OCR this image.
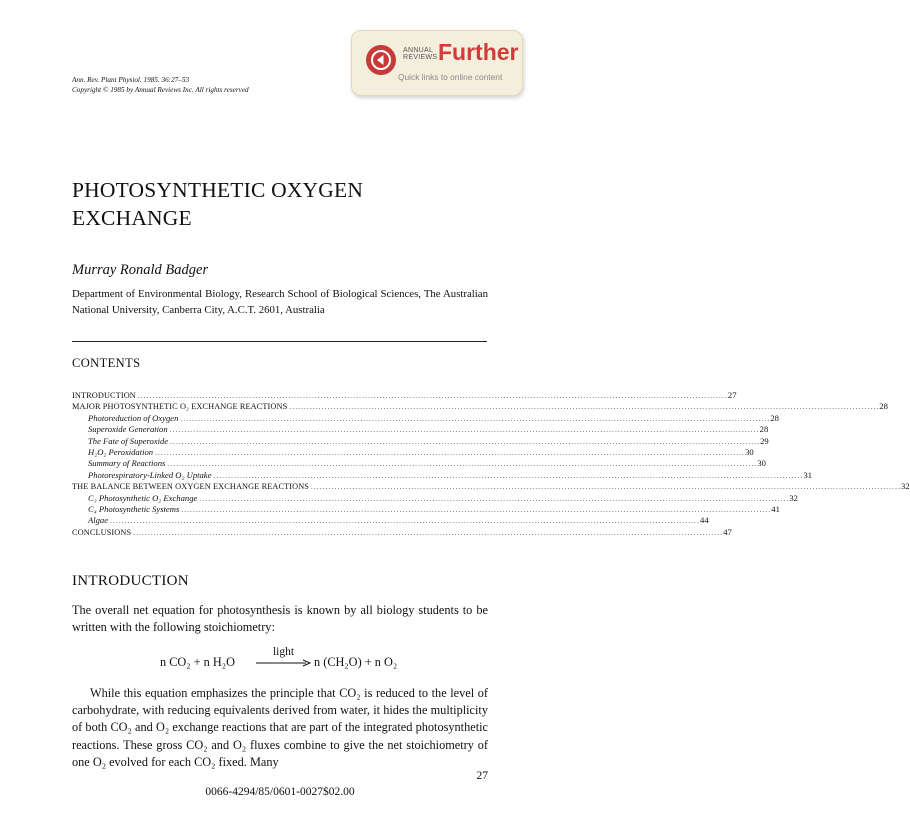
ANNUAL
REVIEWS Further
Quick links to online content
Ann. Rev. Plant Physiol. 1985. 36:27–53
Copyright © 1985 by Annual Reviews Inc. All rights reserved
PHOTOSYNTHETIC OXYGEN
EXCHANGE
Murray Ronald Badger
Department of Environmental Biology, Research School of Biological Sciences, The Australian National University, Canberra City, A.C.T. 2601, Australia
CONTENTS
INTRODUCTION ........................................................................................................................................................................................................ 27
MAJOR PHOTOSYNTHETIC O₂ EXCHANGE REACTIONS ........................................................................................................................................................................................................ 28
Photoreduction of Oxygen ........................................................................................................................................................................................................ 28
Superoxide Generation ........................................................................................................................................................................................................ 28
The Fate of Superoxide ........................................................................................................................................................................................................ 29
H₂O₂ Peroxidation ........................................................................................................................................................................................................ 30
Summary of Reactions ........................................................................................................................................................................................................ 30
Photorespiratory-Linked O₂ Uptake ........................................................................................................................................................................................................ 31
THE BALANCE BETWEEN OXYGEN EXCHANGE REACTIONS ........................................................................................................................................................................................................ 32
C₃ Photosynthetic O₂ Exchange ........................................................................................................................................................................................................ 32
C₄ Photosynthetic Systems ........................................................................................................................................................................................................ 41
Algae ........................................................................................................................................................................................................ 44
CONCLUSIONS ........................................................................................................................................................................................................ 47
INTRODUCTION
The overall net equation for photosynthesis is known by all biology students to be written with the following stoichiometry:
n CO₂ + n H₂O
light
n (CH₂O) + n O₂
While this equation emphasizes the principle that CO₂ is reduced to the level of carbohydrate, with reducing equivalents derived from water, it hides the multiplicity of both CO₂ and O₂ exchange reactions that are part of the integrated photosynthetic reactions. These gross CO₂ and O₂ fluxes combine to give the net stoichiometry of one O₂ evolved for each CO₂ fixed. Many
27
0066-4294/85/0601-0027$02.00
